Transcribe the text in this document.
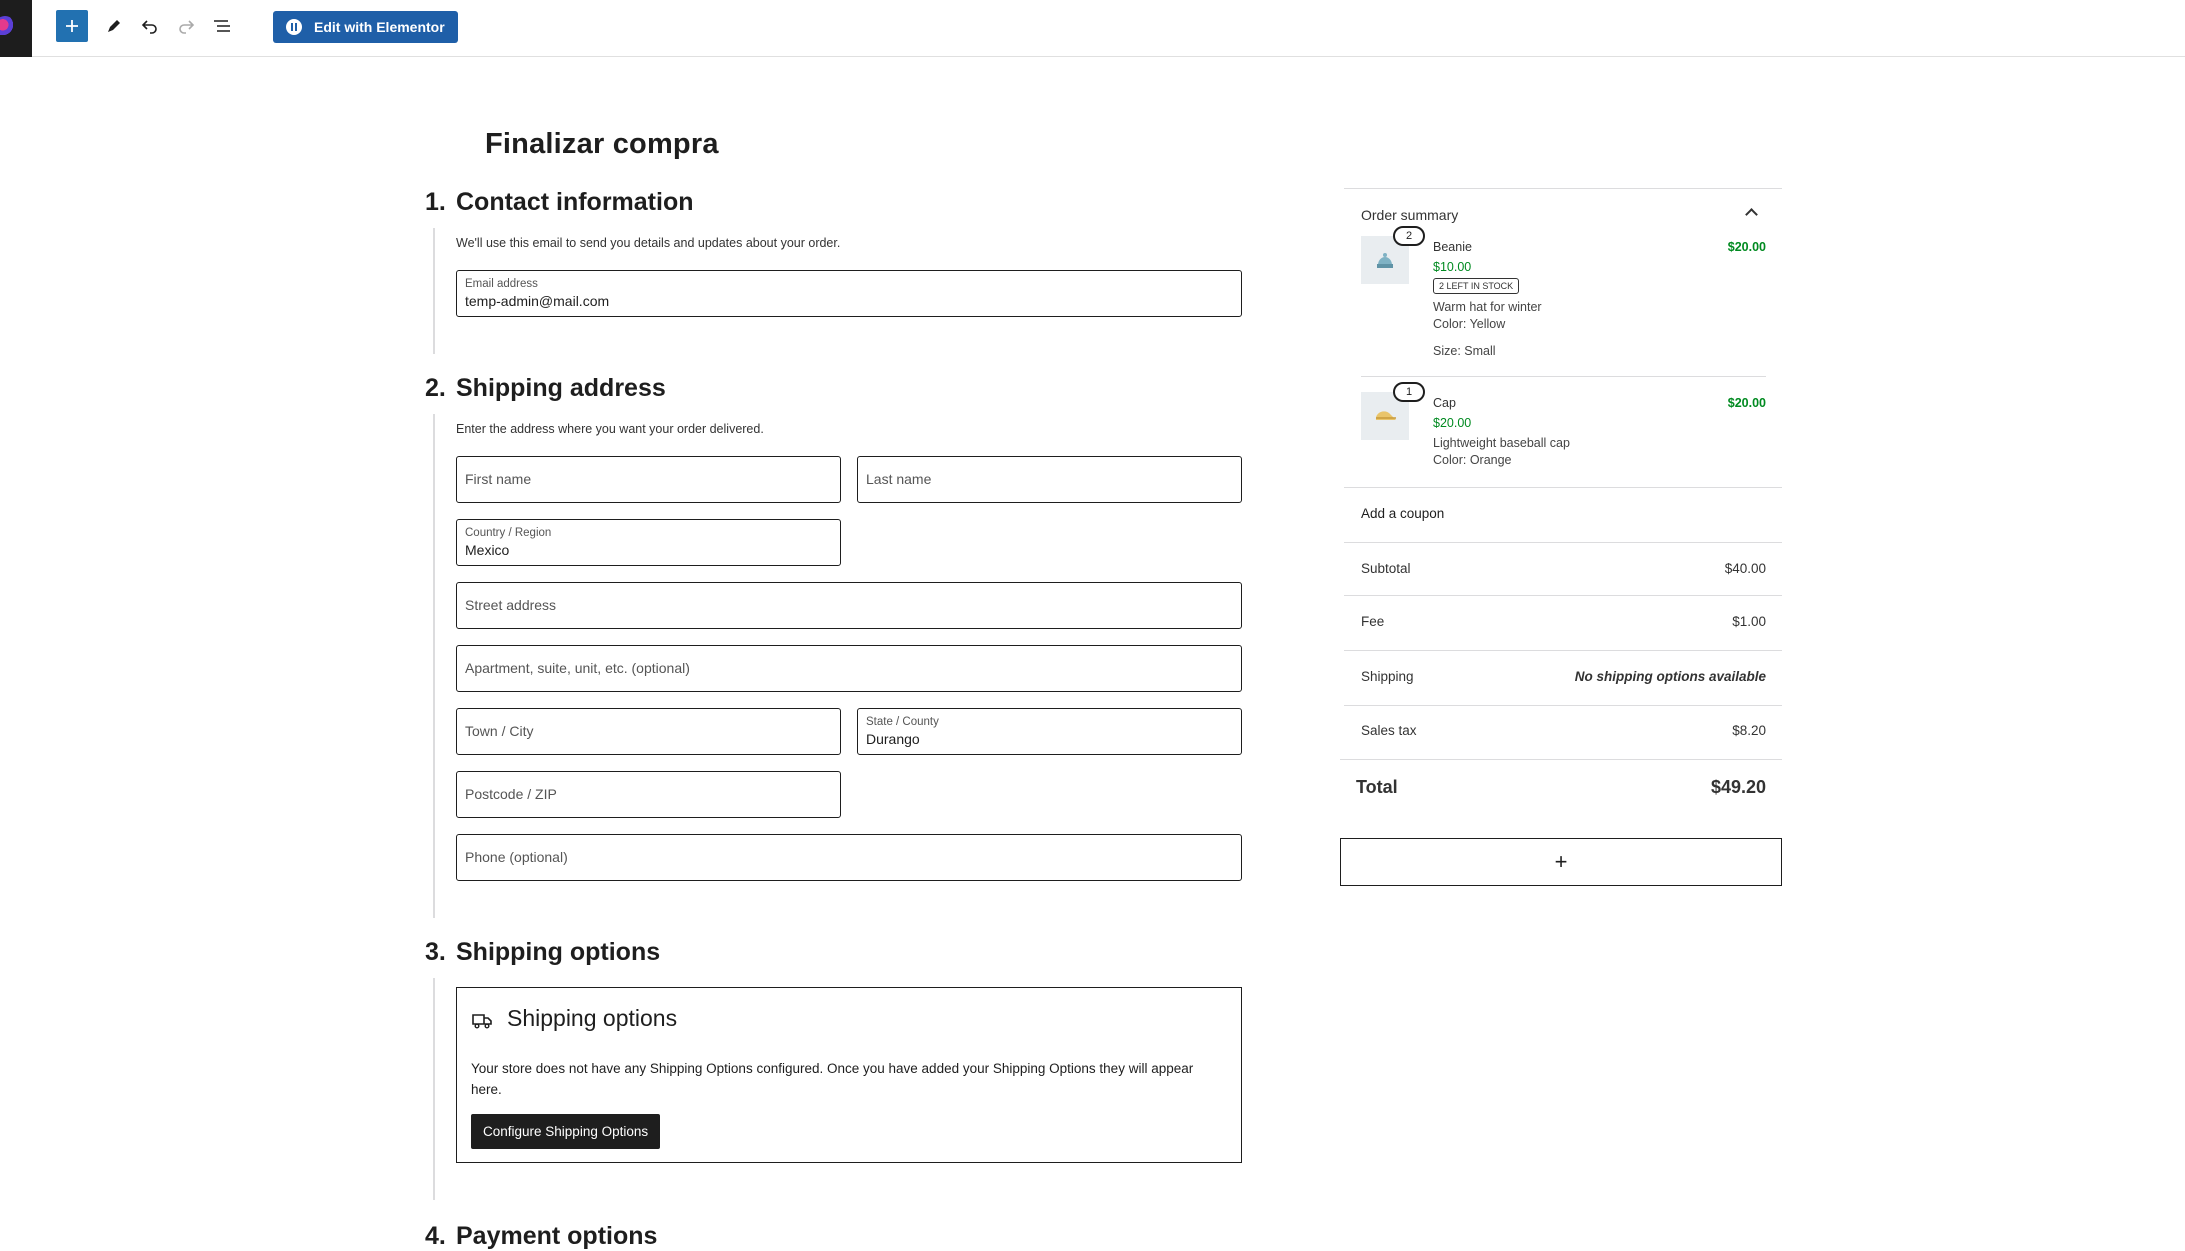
Edit with Elementor
Finalizar compra
1. Contact information
We'll use this email to send you details and updates about your order.
Email address
temp-admin@mail.com
2. Shipping address
Enter the address where you want your order delivered.
First name	Last name
Country / Region
Mexico
Street address
Apartment, suite, unit, etc. (optional)
Town / City
State / County
Durango
Postcode / ZIP
Phone (optional)
3. Shipping options
Shipping options
Your store does not have any Shipping Options configured. Once you have added your Shipping Options they will appear here.
Configure Shipping Options
4. Payment options
Order summary
2
Beanie
$10.00
$20.00
2 LEFT IN STOCK
Warm hat for winter
Color: Yellow
Size: Small
1
Cap
$20.00
$20.00
Lightweight baseball cap
Color: Orange
Add a coupon
Subtotal	$40.00
Fee	$1.00
Shipping	No shipping options available
Sales tax	$8.20
Total	$49.20
+
